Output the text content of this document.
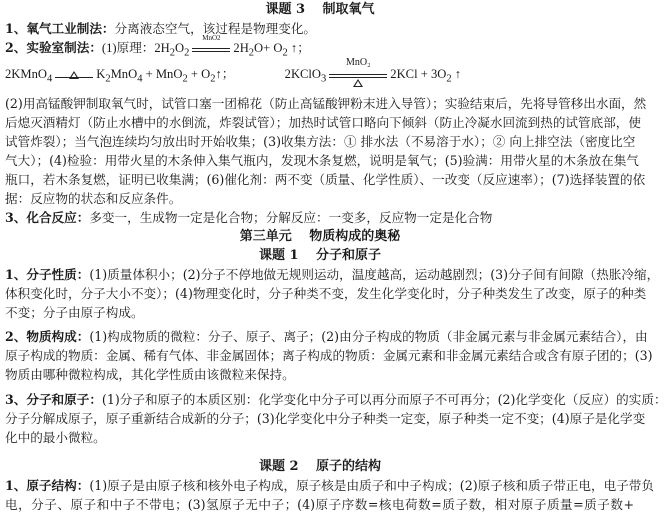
课题 3　 制取氧气
1、氧气工业制法：分离液态空气，该过程是物理变化。
2、实验室制法：(1)原理：$2H_2O_2$
MnO2
$2H_2O+ O_2$ ↑；
2KMnO$_4$	$K_2MnO_4 + MnO_2$ + $O_2↑$；	2KClO$_3$
MnO₂
$2KCl + 3O_2$ ↑
(2)用高锰酸钾制取氧气时，试管口塞一团棉花（防止高锰酸钾粉末进入导管）；实验结束后，先将导管移出水面，然
后熄灭酒精灯（防止水槽中的水倒流，炸裂试管）；加热时试管口略向下倾斜（防止冷凝水回流到热的试管底部，使
试管炸裂）；当气泡连续均匀放出时开始收集；(3)收集方法：① 排水法（不易溶于水）；② 向上排空法（密度比空
气大）；(4)检验：用带火星的木条伸入集气瓶内，发现木条复燃，说明是氧气；(5)验满：用带火星的木条放在集气
瓶口，若木条复燃，证明已收集满；(6)催化剂：两不变（质量、化学性质）、一改变（反应速率）；(7)选择装置的依
据：反应物的状态和反应条件。
3、化合反应：多变一，生成物一定是化合物；分解反应：一变多，反应物一定是化合物
第三单元　 物质构成的奥秘
课题 1　 分子和原子
1、分子性质：(1)质量体积小；(2)分子不停地做无规则运动，温度越高，运动越剧烈；(3)分子间有间隙（热胀冷缩，
体积变化时，分子大小不变）；(4)物理变化时，分子种类不变，发生化学变化时，分子种类发生了改变，原子的种类
不变；分子由原子构成。
2、物质构成：(1)构成物质的微粒：分子、原子、离子；(2)由分子构成的物质（非金属元素与非金属元素结合），由
原子构成的物质：金属、稀有气体、非金属固体；离子构成的物质：金属元素和非金属元素结合或含有原子团的；(3)
物质由哪种微粒构成，其化学性质由该微粒来保持。
3、分子和原子：(1)分子和原子的本质区别：化学变化中分子可以再分而原子不可再分；(2)化学变化（反应）的实质：
分子分解成原子，原子重新结合成新的分子；(3)化学变化中分子种类一定变，原子种类一定不变；(4)原子是化学变
化中的最小微粒。
课题 2　 原子的结构
1、原子结构：(1)原子是由原子核和核外电子构成，原子核是由质子和中子构成；(2)原子核和质子带正电，电子带负
电，分子、原子和中子不带电；(3)氢原子无中子；(4)原子序数=核电荷数=质子数，相对原子质量=质子数+
